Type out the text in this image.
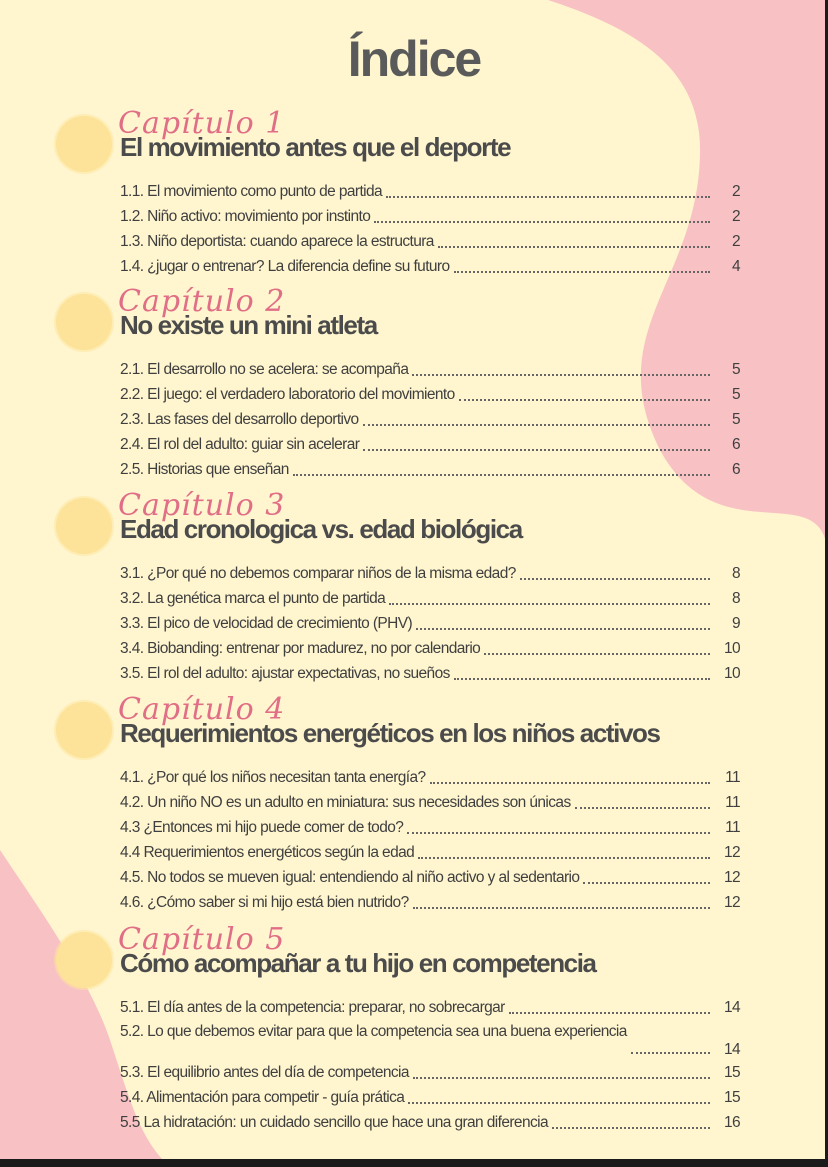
Índice
Capítulo 1
El movimiento antes que el deporte
1.1. El movimiento como punto de partida	2
1.2. Niño activo: movimiento por instinto	2
1.3. Niño deportista: cuando aparece la estructura	2
1.4. ¿jugar o entrenar? La diferencia define su futuro	4
Capítulo 2
No existe un mini atleta
2.1. El desarrollo no se acelera: se acompaña	5
2.2. El juego: el verdadero laboratorio del movimiento	5
2.3. Las fases del desarrollo deportivo	5
2.4. El rol del adulto: guiar sin acelerar	6
2.5. Historias que enseñan	6
Capítulo 3
Edad cronologica vs. edad biológica
3.1. ¿Por qué no debemos comparar niños de la misma edad?	8
3.2. La genética marca el punto de partida	8
3.3. El pico de velocidad de crecimiento (PHV)	9
3.4. Biobanding: entrenar por madurez, no por calendario	10
3.5. El rol del adulto: ajustar expectativas, no sueños	10
Capítulo 4
Requerimientos energéticos en los niños activos
4.1. ¿Por qué los niños necesitan tanta energía?	11
4.2. Un niño NO es un adulto en miniatura: sus necesidades son únicas	11
4.3 ¿Entonces mi hijo puede comer de todo?	11
4.4 Requerimientos energéticos según la edad	12
4.5. No todos se mueven igual: entendiendo al niño activo y al sedentario	12
4.6. ¿Cómo saber si mi hijo está bien nutrido?	12
Capítulo 5
Cómo acompañar a tu hijo en competencia
5.1. El día antes de la competencia: preparar, no sobrecargar	14
5.2. Lo que debemos evitar para que la competencia sea una buena experiencia
14
5.3. El equilibrio antes del día de competencia	15
5.4. Alimentación para competir - guía prática	15
5.5 La hidratación: un cuidado sencillo que hace una gran diferencia	16
